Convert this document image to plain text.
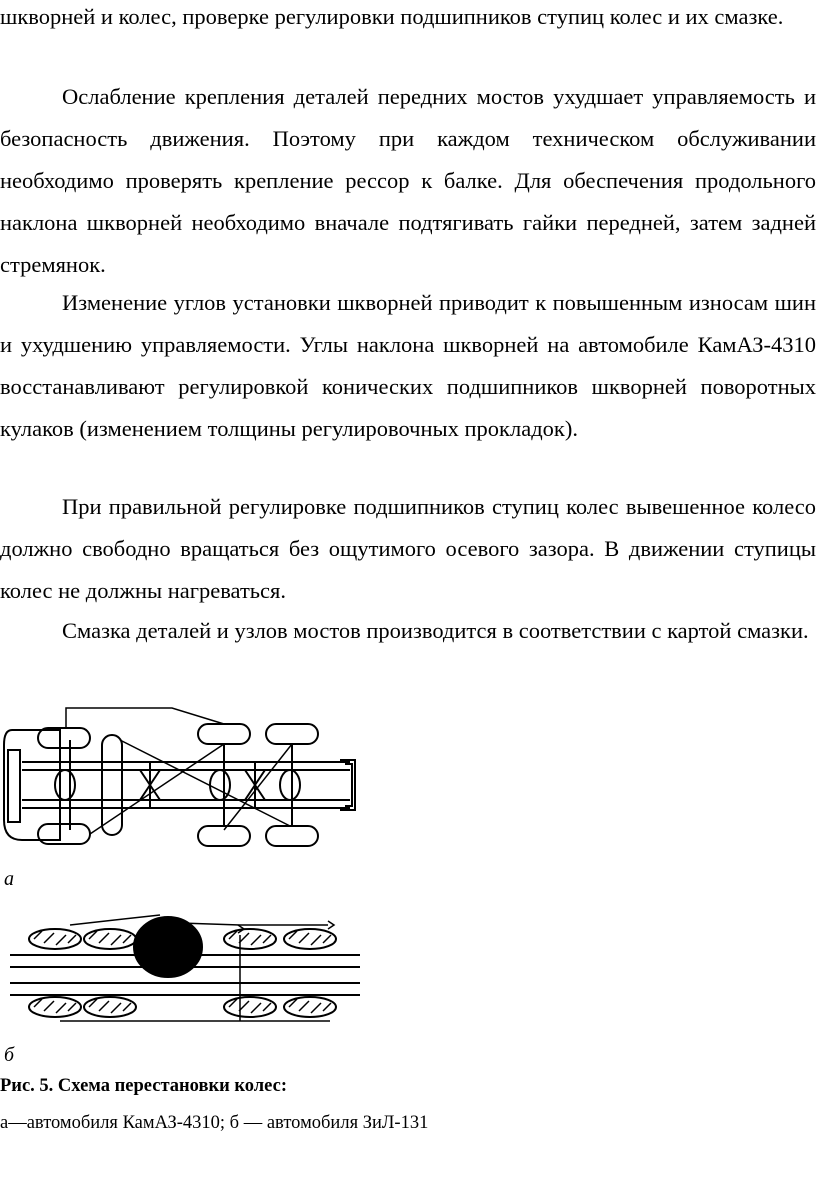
шкворней и колес, проверке регулировки подшипников ступиц колес и их смазке.

Ослабление крепления деталей передних мостов ухудшает управляемость и безопасность движения. Поэтому при каждом техническом обслуживании необходимо проверять крепление рессор к балке. Для обеспечения продольного наклона шкворней необходимо вначале подтягивать гайки передней, затем задней стремянок.

Изменение углов установки шкворней приводит к повышенным износам шин и ухудшению управляемости. Углы наклона шкворней на автомобиле КамАЗ-4310 восстанавливают регулировкой конических подшипников шкворней поворотных кулаков (изменением толщины регулировочных прокладок).

При правильной регулировке подшипников ступиц колес вывешенное колесо должно свободно вращаться без ощутимого осевого зазора. В движении ступицы колес не должны нагреваться.

Смазка деталей и узлов мостов производится в соответствии с картой смазки.

а
б
Рис. 5. Схема перестановки колес:
а—автомобиля КамАЗ-4310; б — автомобиля ЗиЛ-131
